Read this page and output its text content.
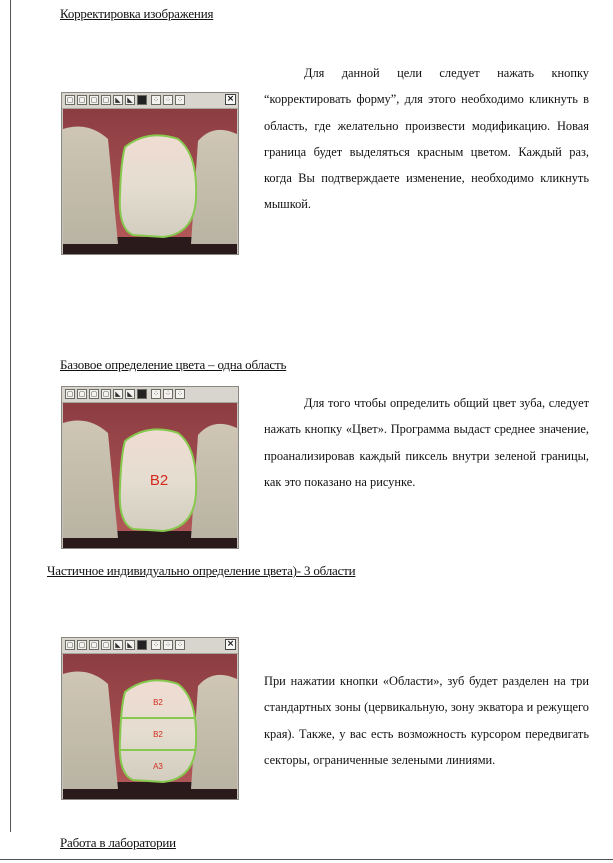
Корректировка изображения
▢ ▢ ▢ ▢ ◣ ◣	⁘ ⁘ ⁘	×
Для данной цели следует нажать кнопку “корректировать форму”, для этого необходимо кликнуть в область, где желательно произвести модификацию. Новая граница будет выделяться красным цветом. Каждый раз, когда Вы подтверждаете изменение, необходимо кликнуть мышкой.
Базовое определение цвета – одна область
▢ ▢ ▢ ▢ ◣ ◣	⁘ ⁘ ⁘
B2
Для того чтобы определить общий цвет зуба, следует нажать кнопку «Цвет». Программа выдаст среднее значение, проанализировав каждый пиксель внутри зеленой границы, как это показано на рисунке.
Частичное индивидуально определение цвета)- 3 области
▢ ▢ ▢ ▢ ◣ ◣	⁘ ⁘ ⁘	×
B2
B2
A3
При нажатии кнопки «Области», зуб будет разделен на три стандартных зоны (цервикальную, зону экватора и режущего края). Также, у вас есть возможность курсором передвигать секторы, ограниченные зелеными линиями.
Работа в лаборатории
